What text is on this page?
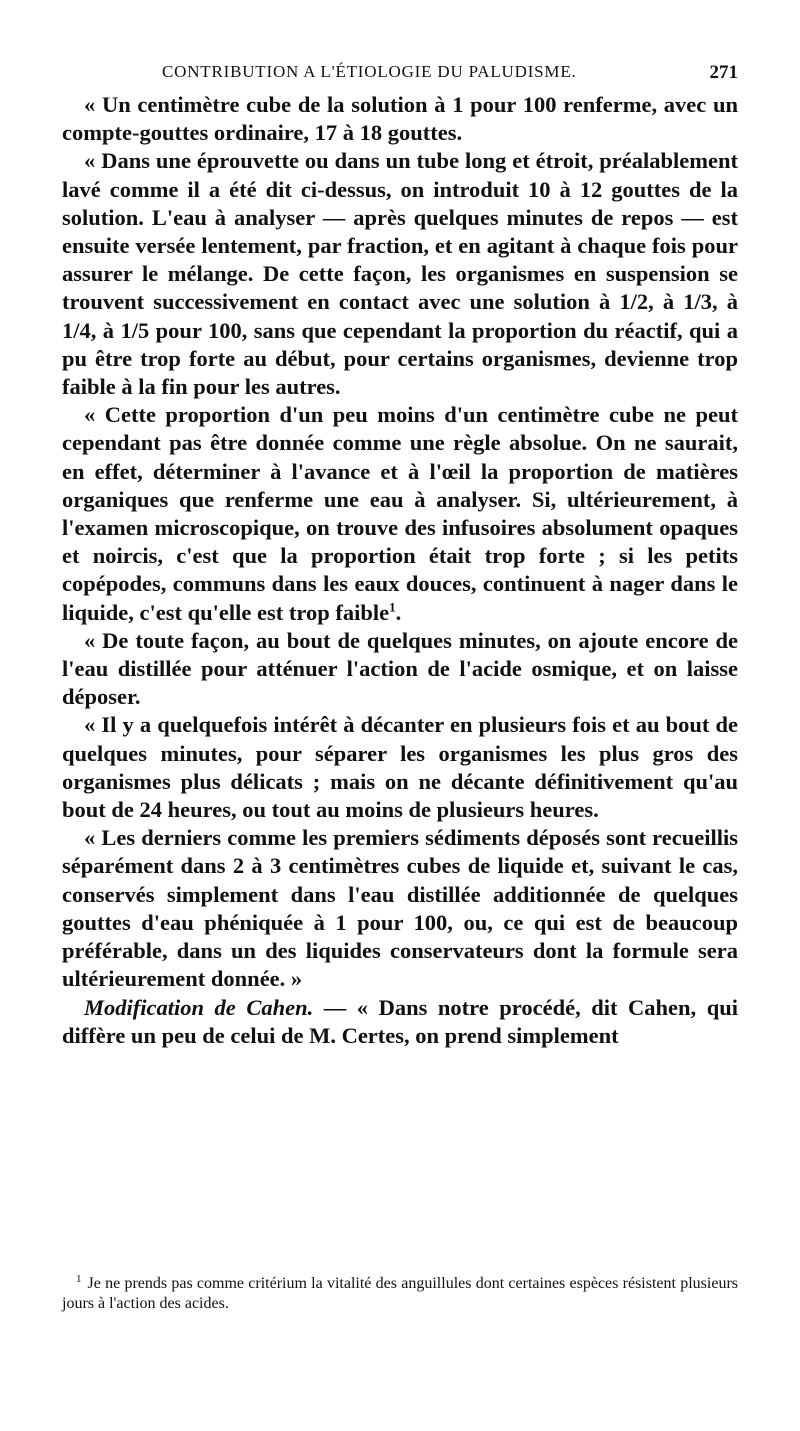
CONTRIBUTION A L'ÉTIOLOGIE DU PALUDISME.	271

« Un centimètre cube de la solution à 1 pour 100 renferme, avec un compte-gouttes ordinaire, 17 à 18 gouttes.

« Dans une éprouvette ou dans un tube long et étroit, préalablement lavé comme il a été dit ci-dessus, on introduit 10 à 12 gouttes de la solution. L'eau à analyser — après quelques minutes de repos — est ensuite versée lentement, par fraction, et en agitant à chaque fois pour assurer le mélange. De cette façon, les organismes en suspension se trouvent successivement en contact avec une solution à 1/2, à 1/3, à 1/4, à 1/5 pour 100, sans que cependant la proportion du réactif, qui a pu être trop forte au début, pour certains organismes, devienne trop faible à la fin pour les autres.

« Cette proportion d'un peu moins d'un centimètre cube ne peut cependant pas être donnée comme une règle absolue. On ne saurait, en effet, déterminer à l'avance et à l'œil la proportion de matières organiques que renferme une eau à analyser. Si, ultérieurement, à l'examen microscopique, on trouve des infusoires absolument opaques et noircis, c'est que la proportion était trop forte ; si les petits copépodes, communs dans les eaux douces, continuent à nager dans le liquide, c'est qu'elle est trop faible$^1$.

« De toute façon, au bout de quelques minutes, on ajoute encore de l'eau distillée pour atténuer l'action de l'acide osmique, et on laisse déposer.

« Il y a quelquefois intérêt à décanter en plusieurs fois et au bout de quelques minutes, pour séparer les organismes les plus gros des organismes plus délicats ; mais on ne décante définitivement qu'au bout de 24 heures, ou tout au moins de plusieurs heures.

« Les derniers comme les premiers sédiments déposés sont recueillis séparément dans 2 à 3 centimètres cubes de liquide et, suivant le cas, conservés simplement dans l'eau distillée additionnée de quelques gouttes d'eau phéniquée à 1 pour 100, ou, ce qui est de beaucoup préférable, dans un des liquides conservateurs dont la formule sera ultérieurement donnée. »

Modification de Cahen. — « Dans notre procédé, dit Cahen, qui diffère un peu de celui de M. Certes, on prend simplement

$^1$ Je ne prends pas comme critérium la vitalité des anguillules dont certaines espèces résistent plusieurs jours à l'action des acides.
